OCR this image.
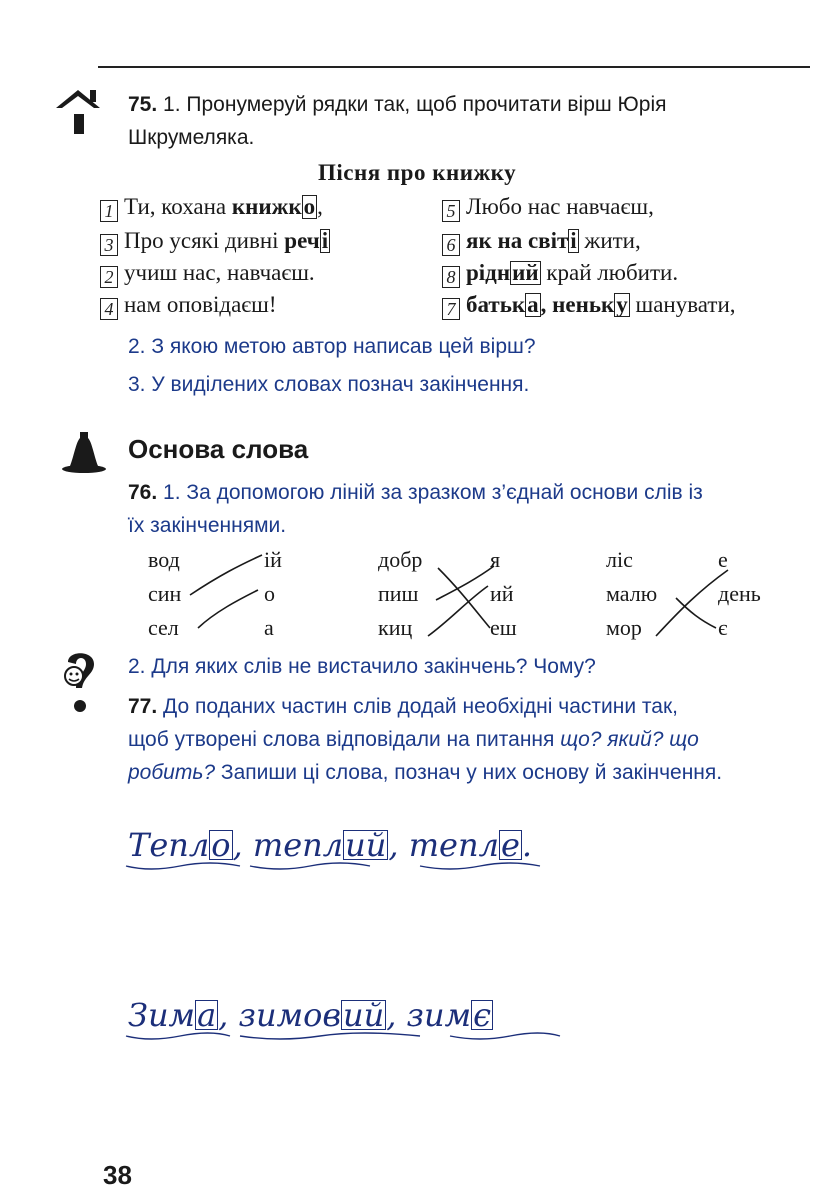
75. 1. Пронумеруй рядки так, щоб прочитати вірш Юрія
Шкрумеляка.
Пісня про книжку
1 Ти, кохана книжко,
3 Про усякі дивні речі
2 учиш нас, навчаєш.
4 нам оповідаєш!
5 Любо нас навчаєш,
6 як на світі жити,
8 рідний край любити.
7 батька, неньку шанувати,
2. З якою метою автор написав цей вірш?
3. У виділених словах познач закінчення.
Основа слова
76. 1. За допомогою ліній за зразком з’єднай основи слів із
їх закінченнями.
вод
син
сел
ій
о
а
добр
пиш
киц
я
ий
еш
ліс
малю
мор
е
день
є
2. Для яких слів не вистачило закінчень? Чому?
77. До поданих частин слів додай необхідні частини так,
щоб утворені слова відповідали на питання що? який? що
робить? Запиши ці слова, познач у них основу й закінчення.
Тепло, теплий, тепле.
Зима, зимовий, зимє
38
